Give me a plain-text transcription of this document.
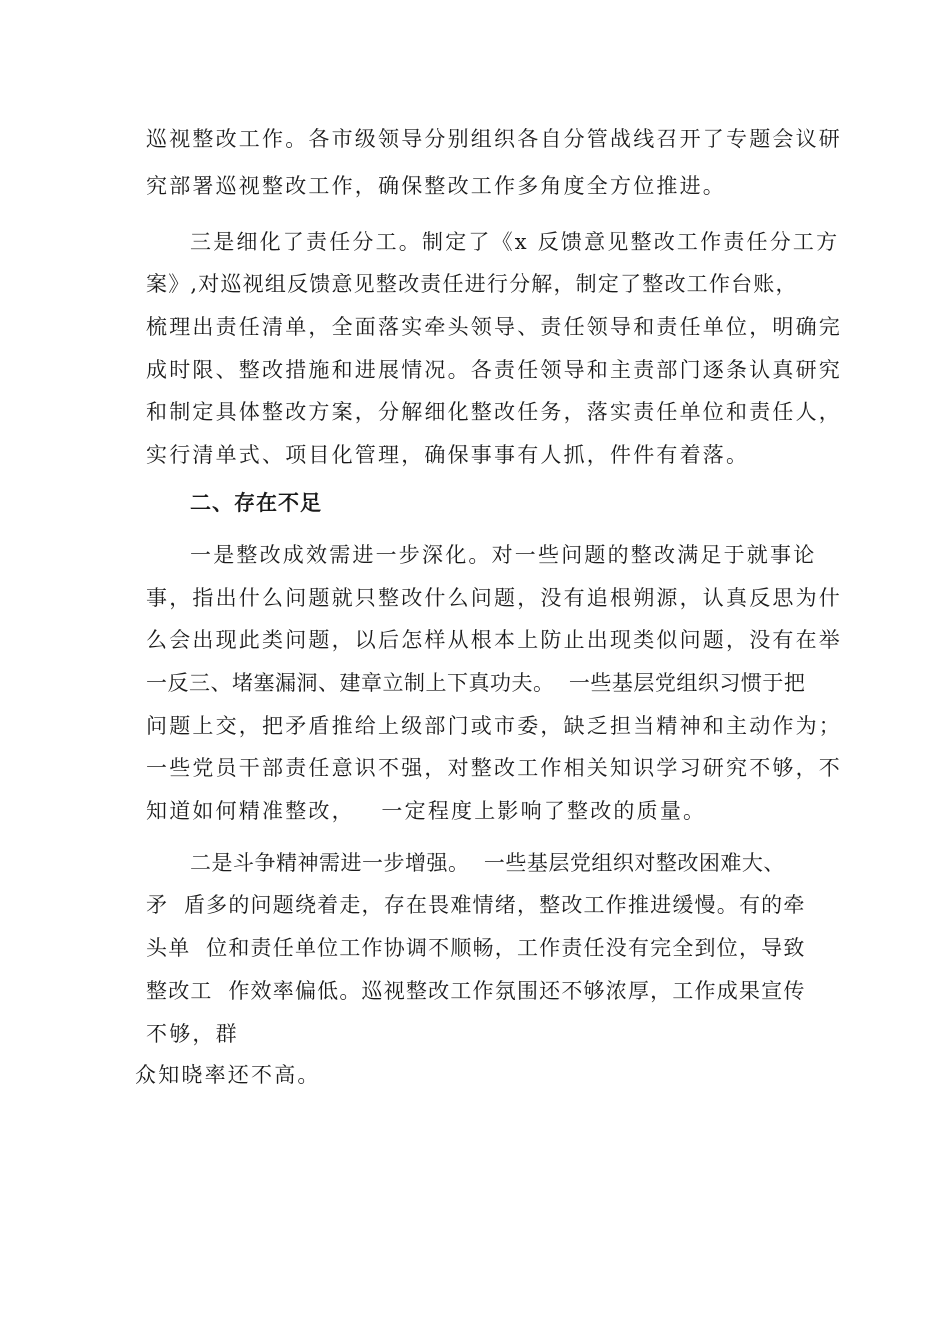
巡视整改工作。各市级领导分别组织各自分管战线召开了专题会议研
究部署巡视整改工作，确保整改工作多角度全方位推进。
三是细化了责任分工。制定了《x 反馈意见整改工作责任分工方
案》,对巡视组反馈意见整改责任进行分解，制定了整改工作台账，
梳理出责任清单，全面落实牵头领导、责任领导和责任单位，明确完
成时限、整改措施和进展情况。各责任领导和主责部门逐条认真研究
和制定具体整改方案，分解细化整改任务，落实责任单位和责任人，
实行清单式、项目化管理，确保事事有人抓，件件有着落。
二、存在不足
一是整改成效需进一步深化。对一些问题的整改满足于就事论
事，指出什么问题就只整改什么问题，没有追根朔源，认真反思为什
么会出现此类问题，以后怎样从根本上防止出现类似问题，没有在举
一反三、堵塞漏洞、建章立制上下真功夫。  一些基层党组织习惯于把
问题上交，把矛盾推给上级部门或市委，缺乏担当精神和主动作为；
一些党员干部责任意识不强，对整改工作相关知识学习研究不够，不
知道如何精准整改，   一定程度上影响了整改的质量。
二是斗争精神需进一步增强。  一些基层党组织对整改困难大、
矛  盾多的问题绕着走，存在畏难情绪，整改工作推进缓慢。有的牵
头单  位和责任单位工作协调不顺畅，工作责任没有完全到位，导致
整改工  作效率偏低。巡视整改工作氛围还不够浓厚，工作成果宣传
不够，群
众知晓率还不高。
